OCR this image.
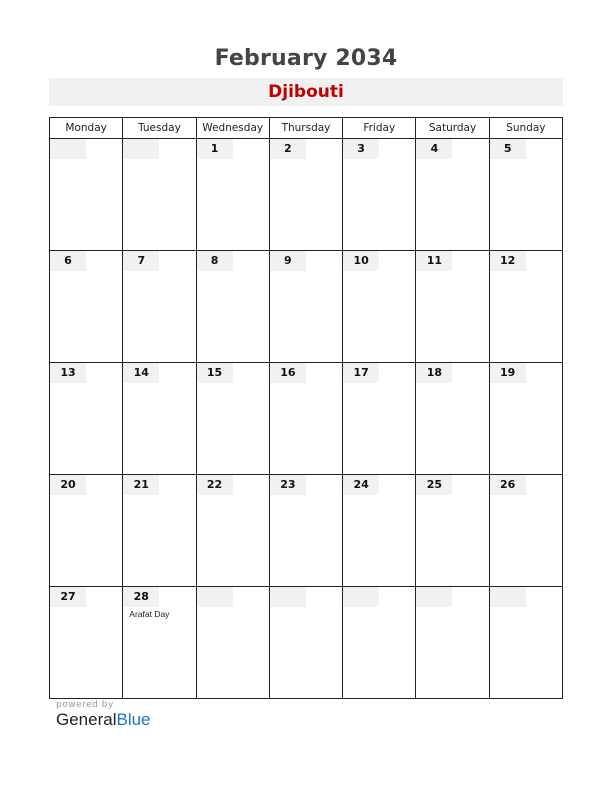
February 2034
Djibouti
Monday	Tuesday	Wednesday	Thursday	Friday	Saturday	Sunday

		1	2	3	4	5

6	7	8	9	10	11	12

13	14	15	16	17	18	19

20	21	22	23	24	25	26

27	28
Arafat Day					

powered by
GeneralBlue
